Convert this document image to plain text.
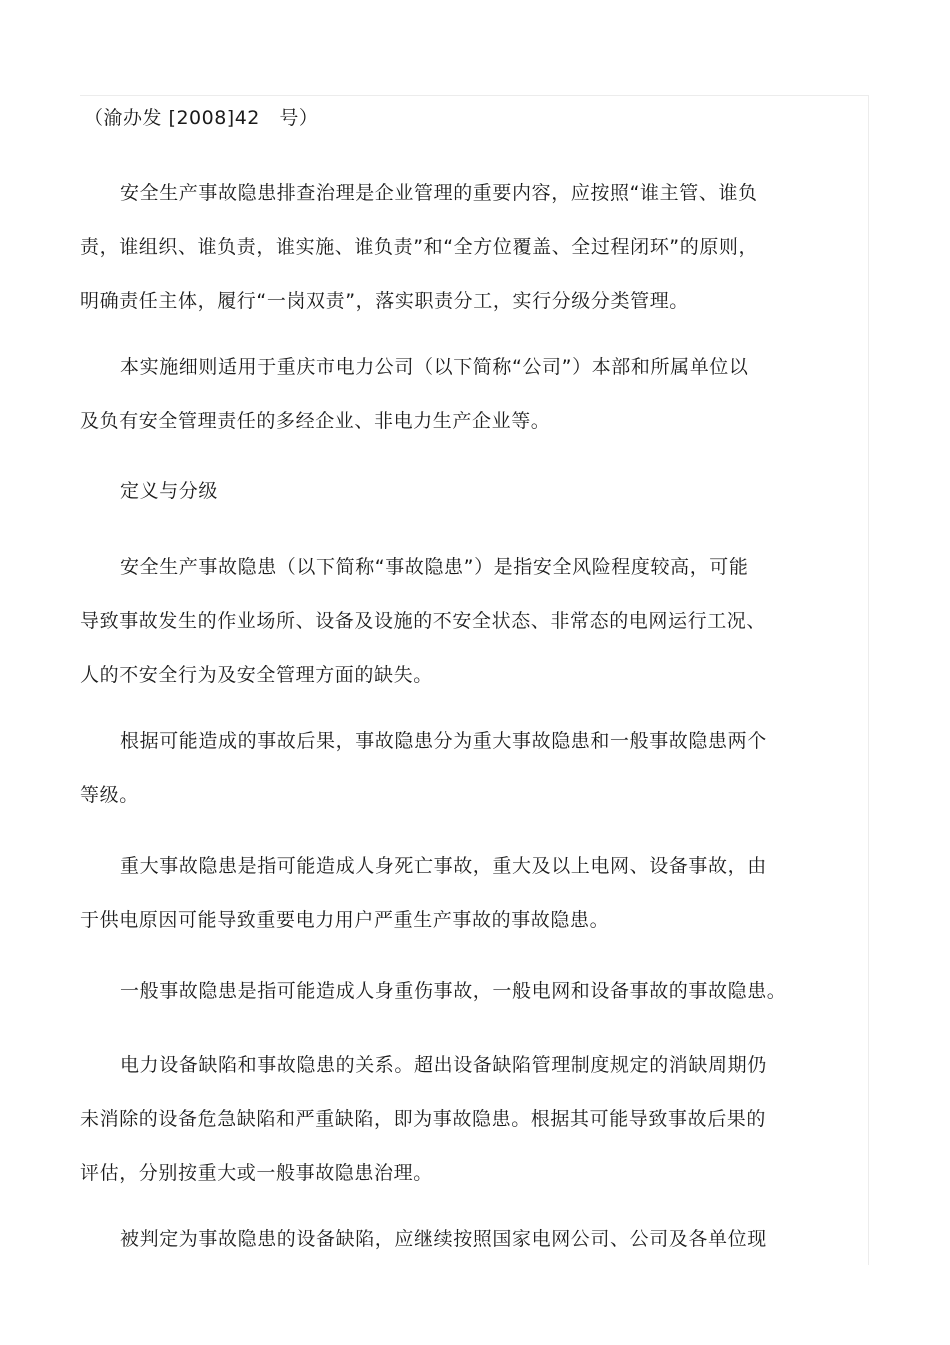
（渝办发 [2008]42　号）

安全生产事故隐患排查治理是企业管理的重要内容，应按照“谁主管、谁负
责，谁组织、谁负责，谁实施、谁负责”和“全方位覆盖、全过程闭环”的原则，
明确责任主体，履行“一岗双责”，落实职责分工，实行分级分类管理。

本实施细则适用于重庆市电力公司（以下简称“公司”）本部和所属单位以
及负有安全管理责任的多经企业、非电力生产企业等。

定义与分级

安全生产事故隐患（以下简称“事故隐患”）是指安全风险程度较高，可能
导致事故发生的作业场所、设备及设施的不安全状态、非常态的电网运行工况、
人的不安全行为及安全管理方面的缺失。

根据可能造成的事故后果，事故隐患分为重大事故隐患和一般事故隐患两个
等级。

重大事故隐患是指可能造成人身死亡事故，重大及以上电网、设备事故，由
于供电原因可能导致重要电力用户严重生产事故的事故隐患。

一般事故隐患是指可能造成人身重伤事故，一般电网和设备事故的事故隐患。

电力设备缺陷和事故隐患的关系。超出设备缺陷管理制度规定的消缺周期仍
未消除的设备危急缺陷和严重缺陷，即为事故隐患。根据其可能导致事故后果的
评估，分别按重大或一般事故隐患治理。

被判定为事故隐患的设备缺陷，应继续按照国家电网公司、公司及各单位现
